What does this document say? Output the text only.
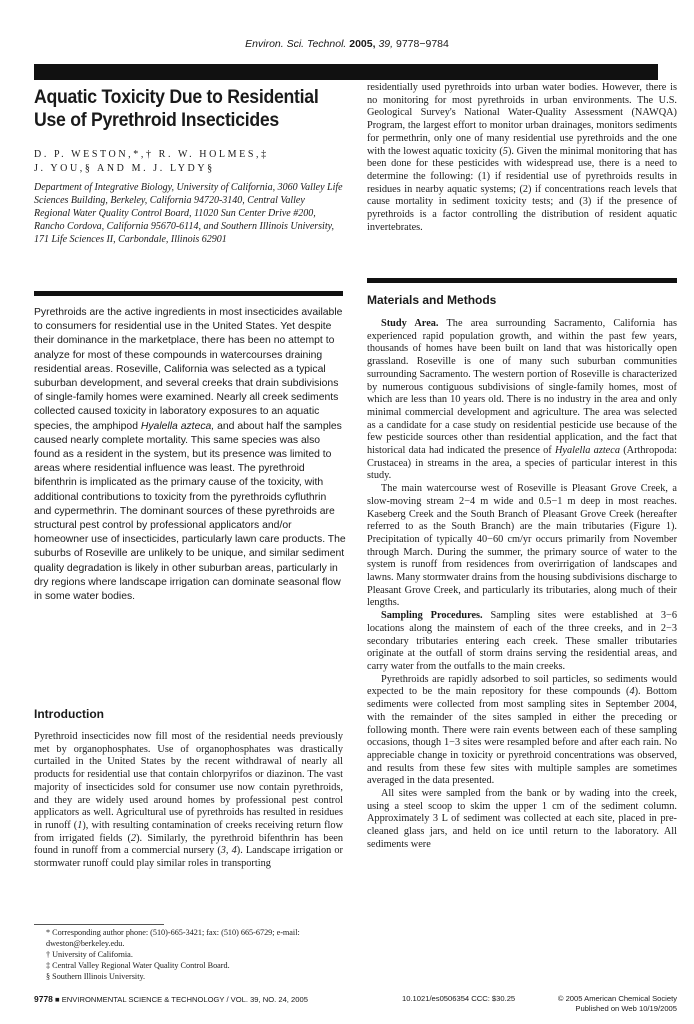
Environ. Sci. Technol. 2005, 39, 9778−9784
Aquatic Toxicity Due to Residential Use of Pyrethroid Insecticides
D. P. WESTON,*,† R. W. HOLMES,‡
J. YOU,§ AND M. J. LYDY§
Department of Integrative Biology, University of California, 3060 Valley Life Sciences Building, Berkeley, California 94720-3140, Central Valley Regional Water Quality Control Board, 11020 Sun Center Drive #200, Rancho Cordova, California 95670-6114, and Southern Illinois University, 171 Life Sciences II, Carbondale, Illinois 62901
Pyrethroids are the active ingredients in most insecticides available to consumers for residential use in the United States. Yet despite their dominance in the marketplace, there has been no attempt to analyze for most of these compounds in watercourses draining residential areas. Roseville, California was selected as a typical suburban development, and several creeks that drain subdivisions of single-family homes were examined. Nearly all creek sediments collected caused toxicity in laboratory exposures to an aquatic species, the amphipod Hyalella azteca, and about half the samples caused nearly complete mortality. This same species was also found as a resident in the system, but its presence was limited to areas where residential influence was least. The pyrethroid bifenthrin is implicated as the primary cause of the toxicity, with additional contributions to toxicity from the pyrethroids cyfluthrin and cypermethrin. The dominant sources of these pyrethroids are structural pest control by professional applicators and/or homeowner use of insecticides, particularly lawn care products. The suburbs of Roseville are unlikely to be unique, and similar sediment quality degradation is likely in other suburban areas, particularly in dry regions where landscape irrigation can dominate seasonal flow in some water bodies.
Introduction
Pyrethroid insecticides now fill most of the residential needs previously met by organophosphates. Use of organophosphates was drastically curtailed in the United States by the recent withdrawal of nearly all products for residential use that contain chlorpyrifos or diazinon. The vast majority of insecticides sold for consumer use now contain pyrethroids, and they are widely used around homes by professional pest control applicators as well. Agricultural use of pyrethroids has resulted in residues in runoff (1), with resulting contamination of creeks receiving return flow from irrigated fields (2). Similarly, the pyrethroid bifenthrin has been found in runoff from a commercial nursery (3, 4). Landscape irrigation or stormwater runoff could play similar roles in transporting
* Corresponding author phone: (510)-665-3421; fax: (510) 665-6729; e-mail: dweston@berkeley.edu.
† University of California.
‡ Central Valley Regional Water Quality Control Board.
§ Southern Illinois University.

residentially used pyrethroids into urban water bodies. However, there is no monitoring for most pyrethroids in urban environments. The U.S. Geological Survey's National Water-Quality Assessment (NAWQA) Program, the largest effort to monitor urban drainages, monitors sediments for permethrin, only one of many residential use pyrethroids and the one with the lowest aquatic toxicity (5). Given the minimal monitoring that has been done for these pesticides with widespread use, there is a need to determine the following: (1) if residential use of pyrethroids results in residues in nearby aquatic systems; (2) if concentrations reach levels that cause mortality in sediment toxicity tests; and (3) if the presence of pyrethroids is a factor controlling the distribution of resident aquatic invertebrates.

Materials and Methods

Study Area. The area surrounding Sacramento, California has experienced rapid population growth, and within the past few years, thousands of homes have been built on land that was historically open grassland. Roseville is one of many such suburban communities surrounding Sacramento. The western portion of Roseville is characterized by numerous contiguous subdivisions of single-family homes, most of which are less than 10 years old. There is no industry in the area and only minimal commercial development and agriculture. The area was selected as a candidate for a case study on residential pesticide use because of the few pesticide sources other than residential application, and the fact that historical data had indicated the presence of Hyalella azteca (Arthropoda: Crustacea) in streams in the area, a species of particular interest in this study.

The main watercourse west of Roseville is Pleasant Grove Creek, a slow-moving stream 2−4 m wide and 0.5−1 m deep in most reaches. Kaseberg Creek and the South Branch of Pleasant Grove Creek (hereafter referred to as the South Branch) are the main tributaries (Figure 1). Precipitation of typically 40−60 cm/yr occurs primarily from November through March. During the summer, the primary source of water to the system is runoff from residences from overirrigation of landscapes and lawns. Many stormwater drains from the housing subdivisions discharge to Pleasant Grove Creek, and particularly its tributaries, along much of their lengths.

Sampling Procedures. Sampling sites were established at 3−6 locations along the mainstem of each of the three creeks, and in 2−3 secondary tributaries entering each creek. These smaller tributaries originate at the outfall of storm drains serving the residential areas, and carry water from the outfalls to the main creeks.

Pyrethroids are rapidly adsorbed to soil particles, so sediments would expected to be the main repository for these compounds (4). Bottom sediments were collected from most sampling sites in September 2004, with the remainder of the sites sampled in either the preceding or following month. There were rain events between each of these sampling occasions, though 1−3 sites were resampled before and after each rain. No appreciable change in toxicity or pyrethroid concentrations was observed, and results from these few sites with multiple samples are sometimes averaged in the data presented.

All sites were sampled from the bank or by wading into the creek, using a steel scoop to skim the upper 1 cm of the sediment column. Approximately 3 L of sediment was collected at each site, placed in pre-cleaned glass jars, and held on ice until return to the laboratory. All sediments were

9778 ■ ENVIRONMENTAL SCIENCE & TECHNOLOGY / VOL. 39, NO. 24, 2005	10.1021/es0506354 CCC: $30.25	© 2005 American Chemical Society
Published on Web 10/19/2005
